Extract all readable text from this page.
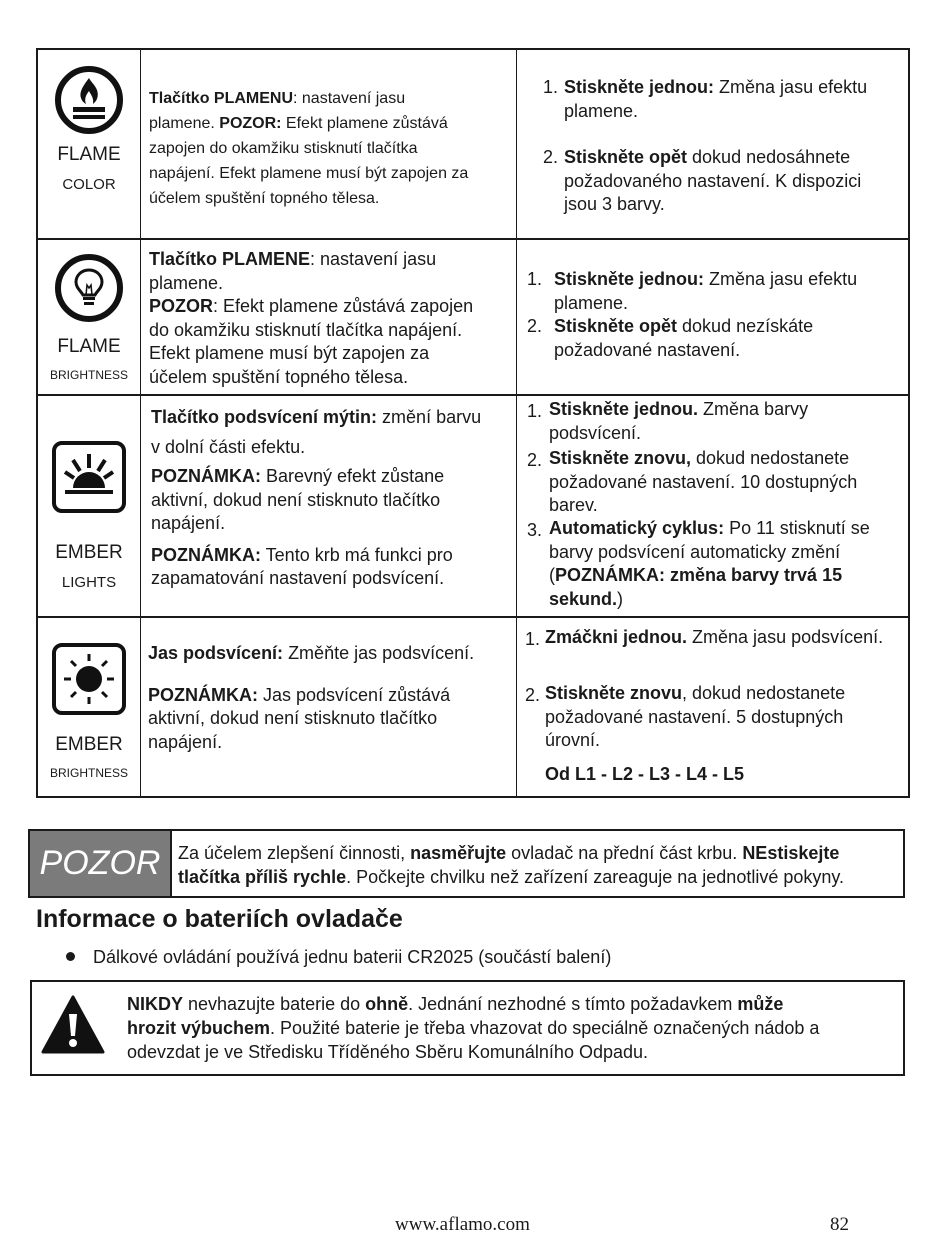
FLAME
COLOR
Tlačítko PLAMENU: nastavení jasu
plamene. POZOR: Efekt plamene zůstává
zapojen do okamžiku stisknutí tlačítka
napájení. Efekt plamene musí být zapojen za
účelem spuštění topného tělesa.
1. Stiskněte jednou: Změna jasu efektu
plamene.
2. Stiskněte opět dokud nedosáhnete
požadovaného nastavení. K dispozici
jsou 3 barvy.
FLAME
BRIGHTNESS
Tlačítko PLAMENE: nastavení jasu
plamene.
POZOR: Efekt plamene zůstává zapojen
do okamžiku stisknutí tlačítka napájení.
Efekt plamene musí být zapojen za
účelem spuštění topného tělesa.
1. Stiskněte jednou: Změna jasu efektu
plamene.
2. Stiskněte opět dokud nezískáte
požadované nastavení.
EMBER
LIGHTS
Tlačítko podsvícení mýtin: změní barvu
v dolní části efektu.
POZNÁMKA: Barevný efekt zůstane
aktivní, dokud není stisknuto tlačítko
napájení.
POZNÁMKA: Tento krb má funkci pro
zapamatování nastavení podsvícení.
1. Stiskněte jednou. Změna barvy
podsvícení.
2. Stiskněte znovu, dokud nedostanete
požadované nastavení. 10 dostupných
barev.
3. Automatický cyklus: Po 11 stisknutí se
barvy podsvícení automaticky změní
(POZNÁMKA: změna barvy trvá 15
sekund.)
EMBER
BRIGHTNESS
Jas podsvícení: Změňte jas podsvícení.
POZNÁMKA: Jas podsvícení zůstává
aktivní, dokud není stisknuto tlačítko
napájení.
1. Zmáčkni jednou. Změna jasu podsvícení.
2. Stiskněte znovu, dokud nedostanete
požadované nastavení. 5 dostupných
úrovní.
Od L1 - L2 - L3 - L4 - L5
POZOR Za účelem zlepšení činnosti, nasměřujte ovladač na přední část krbu. NEstiskejte
tlačítka příliš rychle. Počkejte chvilku než zařízení zareaguje na jednotlivé pokyny.
Informace o bateriích ovladače
Dálkové ovládání používá jednu baterii CR2025 (součástí balení)
NIKDY nevhazujte baterie do ohně. Jednání nezhodné s tímto požadavkem může
hrozit výbuchem. Použité baterie je třeba vhazovat do speciálně označených nádob a
odevzdat je ve Středisku Tříděného Sběru Komunálního Odpadu.
www.aflamo.com	82
